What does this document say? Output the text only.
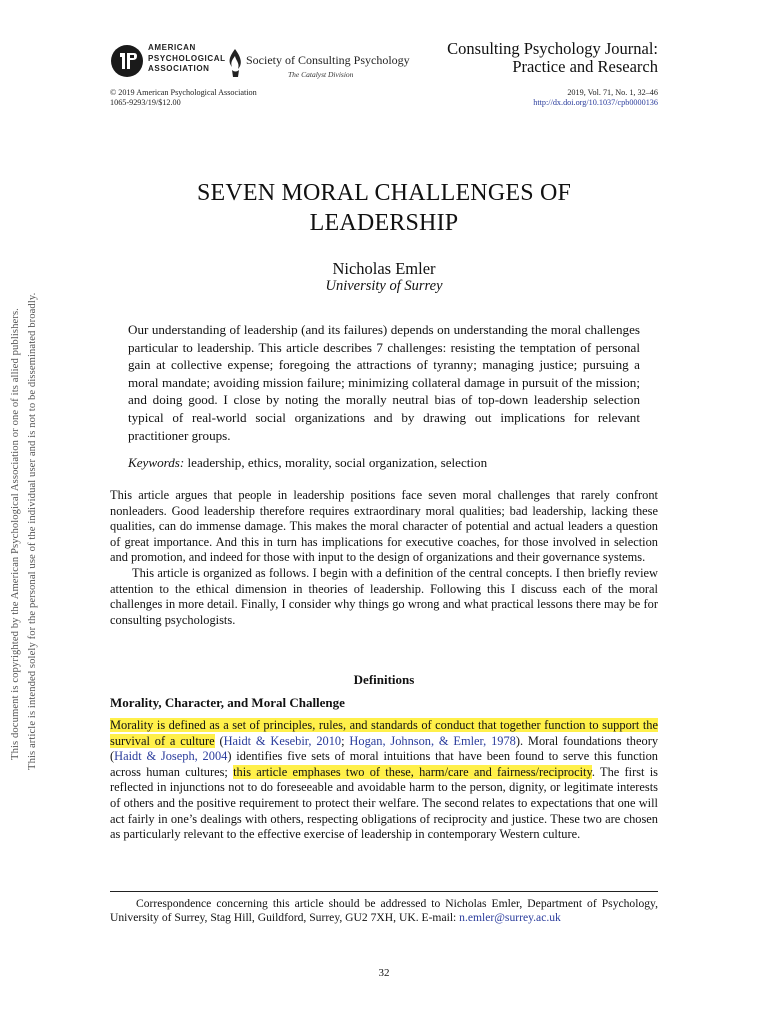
This document is copyrighted by the American Psychological Association or one of its allied publishers. This article is intended solely for the personal use of the individual user and is not to be disseminated broadly.
AMERICAN
PSYCHOLOGICAL
ASSOCIATION
Society of Consulting Psychology
The Catalyst Division
Consulting Psychology Journal:
Practice and Research
© 2019 American Psychological Association
1065-9293/19/$12.00
2019, Vol. 71, No. 1, 32–46
http://dx.doi.org/10.1037/cpb0000136
SEVEN MORAL CHALLENGES OF
LEADERSHIP
Nicholas Emler
University of Surrey
Our understanding of leadership (and its failures) depends on understanding the moral challenges particular to leadership. This article describes 7 challenges: resisting the temptation of personal gain at collective expense; foregoing the attractions of tyranny; managing justice; pursuing a moral mandate; avoiding mission failure; minimizing collateral damage in pursuit of the mission; and doing good. I close by noting the morally neutral bias of top-down leadership selection typical of real-world social organizations and by drawing out implications for relevant practitioner groups.
Keywords: leadership, ethics, morality, social organization, selection

This article argues that people in leadership positions face seven moral challenges that rarely confront nonleaders. Good leadership therefore requires extraordinary moral qualities; bad leadership, lacking these qualities, can do immense damage. This makes the moral character of potential and actual leaders a question of great importance. And this in turn has implications for executive coaches, for those involved in selection and promotion, and indeed for those with input to the design of organizations and their governance systems.

This article is organized as follows. I begin with a definition of the central concepts. I then briefly review attention to the ethical dimension in theories of leadership. Following this I discuss each of the moral challenges in more detail. Finally, I consider why things go wrong and what practical lessons there may be for consulting psychologists.

Definitions
Morality, Character, and Moral Challenge

Morality is defined as a set of principles, rules, and standards of conduct that together function to support the survival of a culture (Haidt & Kesebir, 2010; Hogan, Johnson, & Emler, 1978). Moral foundations theory (Haidt & Joseph, 2004) identifies five sets of moral intuitions that have been found to serve this function across human cultures; this article emphases two of these, harm/care and fairness/reciprocity. The first is reflected in injunctions not to do foreseeable and avoidable harm to the person, dignity, or legitimate interests of others and the positive requirement to protect their welfare. The second relates to expectations that one will act fairly in one’s dealings with others, respecting obligations of reciprocity and justice. These two are chosen as particularly relevant to the effective exercise of leadership in contemporary Western culture.

Correspondence concerning this article should be addressed to Nicholas Emler, Department of Psychology, University of Surrey, Stag Hill, Guildford, Surrey, GU2 7XH, UK. E-mail: n.emler@surrey.ac.uk
32
